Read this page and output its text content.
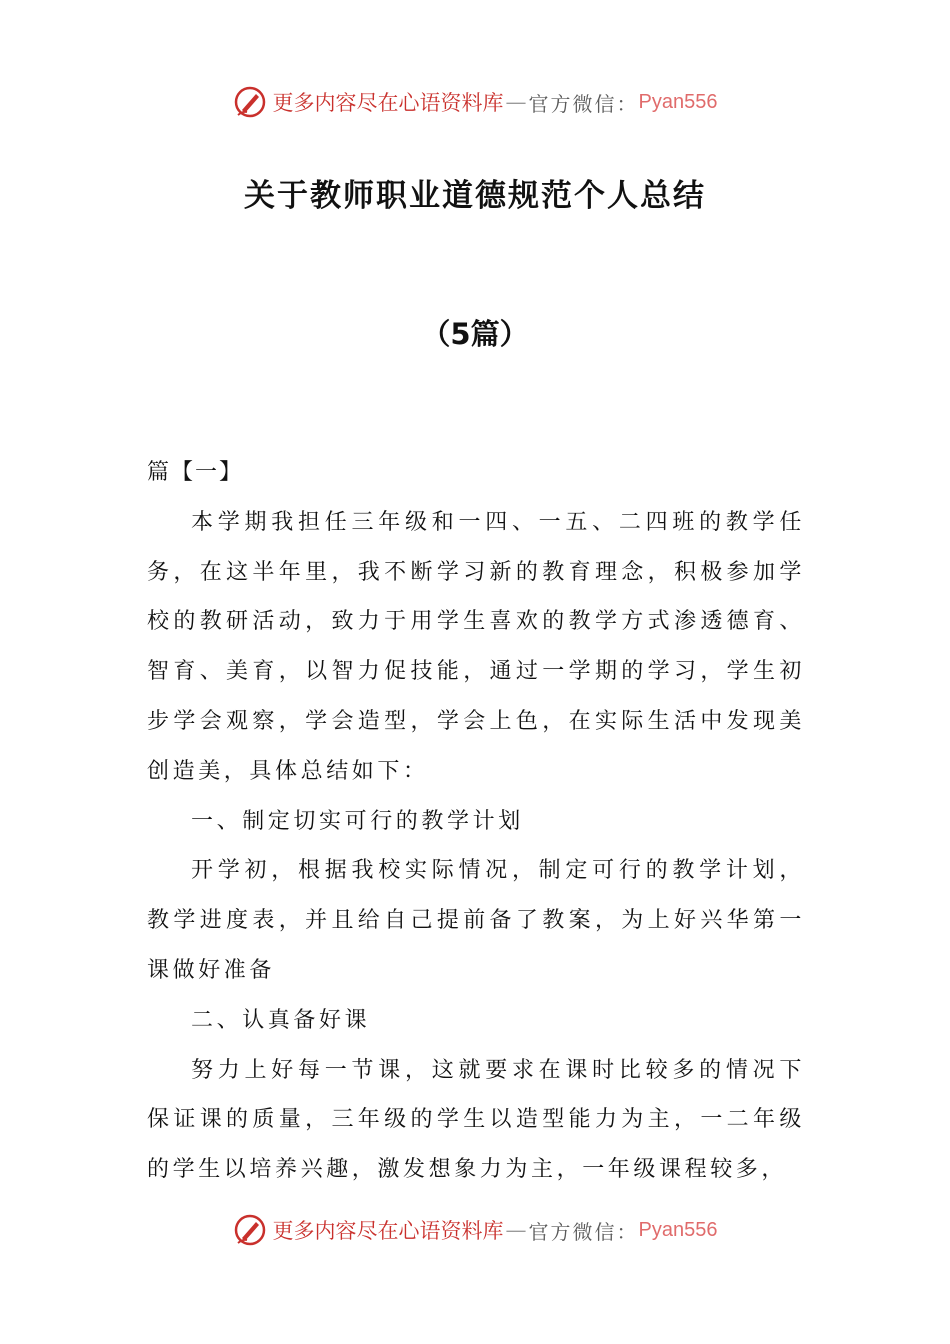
更多内容尽在心语资料库 — 官方微信： Pyan556
关于教师职业道德规范个人总结
（5篇）

篇【一】

本学期我担任三年级和一四、一五、二四班的教学任务，在这半年里，我不断学习新的教育理念，积极参加学校的教研活动，致力于用学生喜欢的教学方式渗透德育、智育、美育，以智力促技能，通过一学期的学习，学生初步学会观察，学会造型，学会上色，在实际生活中发现美创造美，具体总结如下：

一、制定切实可行的教学计划

开学初，根据我校实际情况，制定可行的教学计划，教学进度表，并且给自己提前备了教案，为上好兴华第一课做好准备

二、认真备好课

努力上好每一节课，这就要求在课时比较多的情况下保证课的质量，三年级的学生以造型能力为主，一二年级的学生以培养兴趣，激发想象力为主，一年级课程较多，

更多内容尽在心语资料库 — 官方微信： Pyan556
